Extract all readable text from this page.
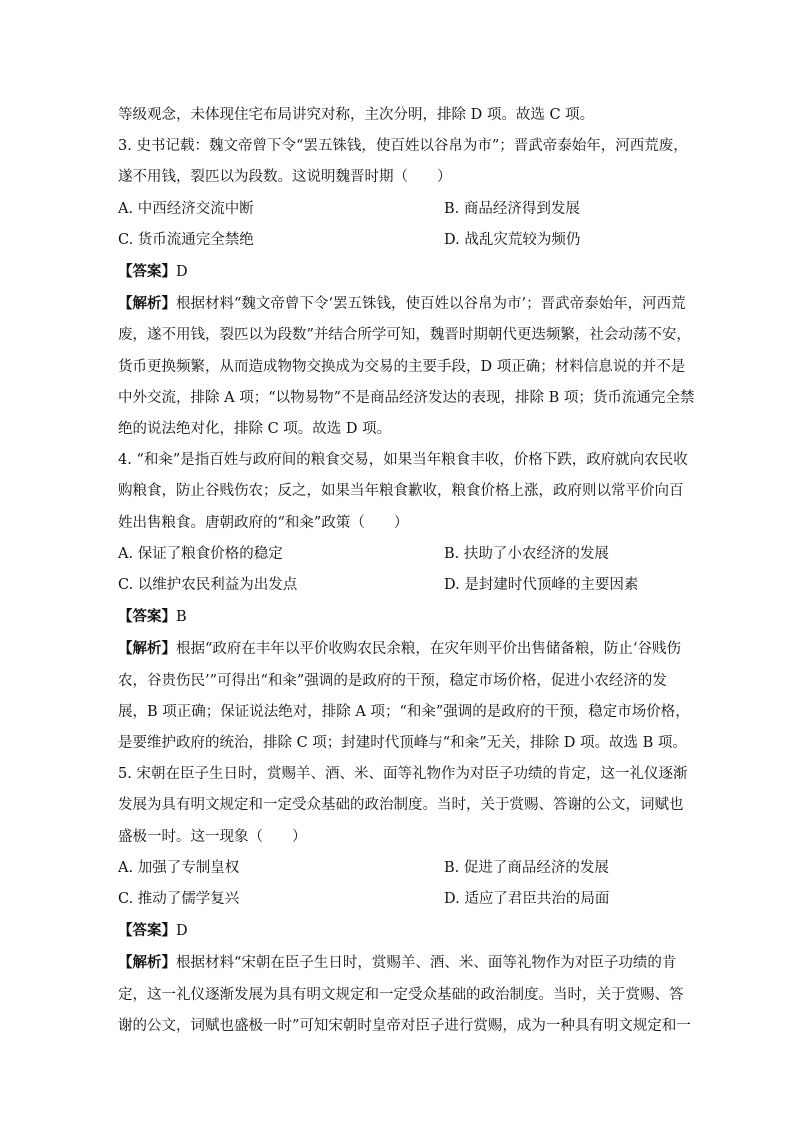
等级观念，未体现住宅布局讲究对称，主次分明，排除 D 项。故选 C 项。
3. 史书记载：魏文帝曾下令“罢五铢钱，使百姓以谷帛为市”；晋武帝泰始年，河西荒废，
遂不用钱，裂匹以为段数。这说明魏晋时期（　　）
A. 中西经济交流中断	B. 商品经济得到发展
C. 货币流通完全禁绝	D. 战乱灾荒较为频仍
【答案】D
【解析】根据材料“魏文帝曾下令‘罢五铢钱，使百姓以谷帛为市’；晋武帝泰始年，河西荒
废，遂不用钱，裂匹以为段数”并结合所学可知，魏晋时期朝代更迭频繁，社会动荡不安，
货币更换频繁，从而造成物物交换成为交易的主要手段，D 项正确；材料信息说的并不是
中外交流，排除 A 项；“以物易物”不是商品经济发达的表现，排除 B 项；货币流通完全禁
绝的说法绝对化，排除 C 项。故选 D 项。
4. “和籴”是指百姓与政府间的粮食交易，如果当年粮食丰收，价格下跌，政府就向农民收
购粮食，防止谷贱伤农；反之，如果当年粮食歉收，粮食价格上涨，政府则以常平价向百
姓出售粮食。唐朝政府的“和籴”政策（　　）
A. 保证了粮食价格的稳定	B. 扶助了小农经济的发展
C. 以维护农民利益为出发点	D. 是封建时代顶峰的主要因素
【答案】B
【解析】根据“政府在丰年以平价收购农民余粮，在灾年则平价出售储备粮，防止‘谷贱伤
农，谷贵伤民’”可得出“和籴”强调的是政府的干预，稳定市场价格，促进小农经济的发
展，B 项正确；保证说法绝对，排除 A 项；“和籴”强调的是政府的干预，稳定市场价格，
是要维护政府的统治，排除 C 项；封建时代顶峰与“和籴”无关，排除 D 项。故选 B 项。
5. 宋朝在臣子生日时，赏赐羊、酒、米、面等礼物作为对臣子功绩的肯定，这一礼仪逐渐
发展为具有明文规定和一定受众基础的政治制度。当时，关于赏赐、答谢的公文，词赋也
盛极一时。这一现象（　　）
A. 加强了专制皇权	B. 促进了商品经济的发展
C. 推动了儒学复兴	D. 适应了君臣共治的局面
【答案】D
【解析】根据材料“宋朝在臣子生日时，赏赐羊、酒、米、面等礼物作为对臣子功绩的肯
定，这一礼仪逐渐发展为具有明文规定和一定受众基础的政治制度。当时，关于赏赐、答
谢的公文，词赋也盛极一时”可知宋朝时皇帝对臣子进行赏赐，成为一种具有明文规定和一
